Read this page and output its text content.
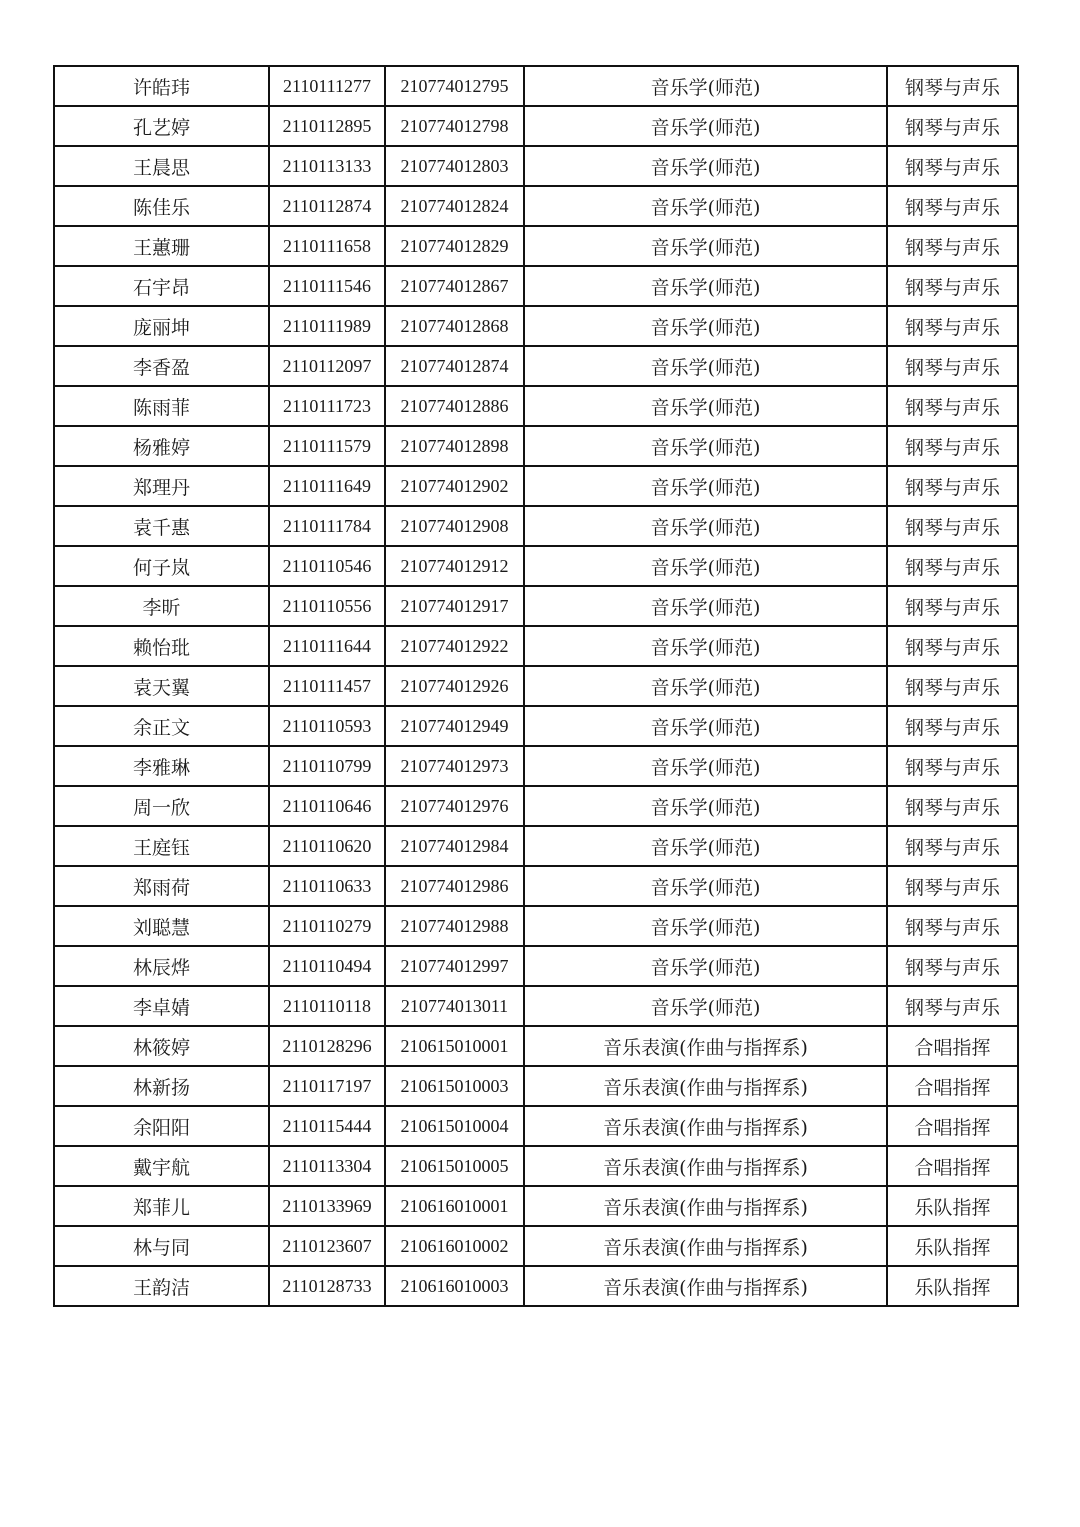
许皓玮	2110111277	210774012795	音乐学(师范)	钢琴与声乐
孔艺婷	2110112895	210774012798	音乐学(师范)	钢琴与声乐
王晨思	2110113133	210774012803	音乐学(师范)	钢琴与声乐
陈佳乐	2110112874	210774012824	音乐学(师范)	钢琴与声乐
王蕙珊	2110111658	210774012829	音乐学(师范)	钢琴与声乐
石宇昂	2110111546	210774012867	音乐学(师范)	钢琴与声乐
庞丽坤	2110111989	210774012868	音乐学(师范)	钢琴与声乐
李香盈	2110112097	210774012874	音乐学(师范)	钢琴与声乐
陈雨菲	2110111723	210774012886	音乐学(师范)	钢琴与声乐
杨雅婷	2110111579	210774012898	音乐学(师范)	钢琴与声乐
郑理丹	2110111649	210774012902	音乐学(师范)	钢琴与声乐
袁千惠	2110111784	210774012908	音乐学(师范)	钢琴与声乐
何子岚	2110110546	210774012912	音乐学(师范)	钢琴与声乐
李昕	2110110556	210774012917	音乐学(师范)	钢琴与声乐
赖怡玭	2110111644	210774012922	音乐学(师范)	钢琴与声乐
袁天翼	2110111457	210774012926	音乐学(师范)	钢琴与声乐
余正文	2110110593	210774012949	音乐学(师范)	钢琴与声乐
李雅琳	2110110799	210774012973	音乐学(师范)	钢琴与声乐
周一欣	2110110646	210774012976	音乐学(师范)	钢琴与声乐
王庭钰	2110110620	210774012984	音乐学(师范)	钢琴与声乐
郑雨荷	2110110633	210774012986	音乐学(师范)	钢琴与声乐
刘聪慧	2110110279	210774012988	音乐学(师范)	钢琴与声乐
林辰烨	2110110494	210774012997	音乐学(师范)	钢琴与声乐
李卓婧	2110110118	210774013011	音乐学(师范)	钢琴与声乐
林筱婷	2110128296	210615010001	音乐表演(作曲与指挥系)	合唱指挥
林新扬	2110117197	210615010003	音乐表演(作曲与指挥系)	合唱指挥
余阳阳	2110115444	210615010004	音乐表演(作曲与指挥系)	合唱指挥
戴宇航	2110113304	210615010005	音乐表演(作曲与指挥系)	合唱指挥
郑菲儿	2110133969	210616010001	音乐表演(作曲与指挥系)	乐队指挥
林与同	2110123607	210616010002	音乐表演(作曲与指挥系)	乐队指挥
王韵洁	2110128733	210616010003	音乐表演(作曲与指挥系)	乐队指挥
